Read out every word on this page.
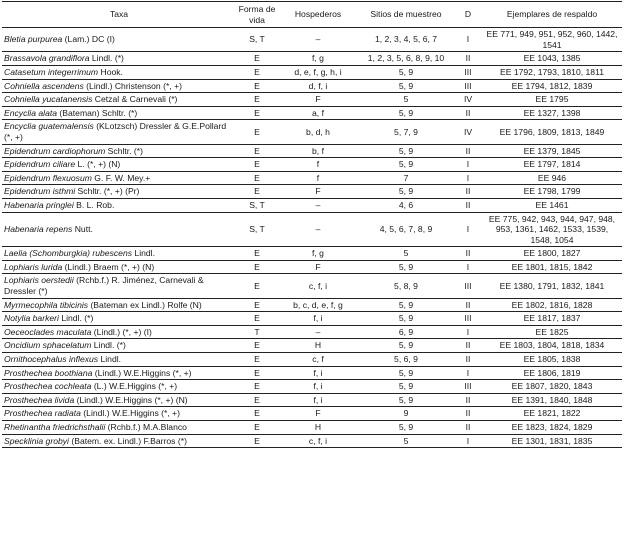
Taxa	Forma de vida	Hospederos	Sitios de muestreo	D	Ejemplares de respaldo
Bletia purpurea (Lam.) DC (I)	S, T	–	1, 2, 3, 4, 5, 6, 7	I	EE 771, 949, 951, 952, 960, 1442, 1541
Brassavola grandiflora Lindl. (*)	E	f, g	1, 2, 3, 5, 6, 8, 9, 10	II	EE 1043, 1385
Catasetum integerrimum Hook.	E	d, e, f, g, h, i	5, 9	III	EE 1792, 1793, 1810, 1811
Cohniella ascendens (Lindl.) Christenson (*, +)	E	d, f, i	5, 9	III	EE 1794, 1812, 1839
Cohniella yucatanensis Cetzal & Carnevali (*)	E	F	5	IV	EE 1795
Encyclia alata (Bateman) Schltr. (*)	E	a, f	5, 9	II	EE 1327, 1398
Encyclia guatemalensis (KLotzsch) Dressler & G.E.Pollard (*, +)	E	b, d, h	5, 7, 9	IV	EE 1796, 1809, 1813, 1849
Epidendrum cardiophorum Schltr. (*)	E	b, f	5, 9	II	EE 1379, 1845
Epidendrum ciliare L. (*, +) (N)	E	f	5, 9	I	EE 1797, 1814
Epidendrum flexuosum G. F. W. Mey.+	E	f	7	I	EE 946
Epidendrum isthmi Schltr. (*, +) (Pr)	E	F	5, 9	II	EE 1798, 1799
Habenaria pringlei B. L. Rob.	S, T	–	4, 6	II	EE 1461
Habenaria repens Nutt.	S, T	–	4, 5, 6, 7, 8, 9	I	EE 775, 942, 943, 944, 947, 948, 953, 1361, 1462, 1533, 1539, 1548, 1054
Laelia (Schomburgkia) rubescens Lindl.	E	f, g	5	II	EE 1800, 1827
Lophiaris lurida (Lindl.) Braem (*, +) (N)	E	F	5, 9	I	EE 1801, 1815, 1842
Lophiaris oerstedii (Rchb.f.) R. Jiménez, Carnevali & Dressler (*)	E	c, f, i	5, 8, 9	III	EE 1380, 1791, 1832, 1841
Myrmecophila tibicinis (Bateman ex Lindl.) Rolfe (N)	E	b, c, d, e, f, g	5, 9	II	EE 1802, 1816, 1828
Notylia barkeri Lindl. (*)	E	f, i	5, 9	III	EE 1817, 1837
Oeceoclades maculata (Lindl.) (*, +) (I)	T	–	6, 9	I	EE 1825
Oncidium sphacelatum Lindl. (*)	E	H	5, 9	II	EE 1803, 1804, 1818, 1834
Ornithocephalus inflexus Lindl.	E	c, f	5, 6, 9	II	EE 1805, 1838
Prosthechea boothiana (Lindl.) W.E.Higgins (*, +)	E	f, i	5, 9	I	EE 1806, 1819
Prosthechea cochleata (L.) W.E.Higgins (*, +)	E	f, i	5, 9	III	EE 1807, 1820, 1843
Prosthechea livida (Lindl.) W.E.Higgins (*, +) (N)	E	f, i	5, 9	II	EE 1391, 1840, 1848
Prosthechea radiata (Lindl.) W.E.Higgins (*, +)	E	F	9	II	EE 1821, 1822
Rhetinantha friedrichsthalii (Rchb.f.) M.A.Blanco	E	H	5, 9	II	EE 1823, 1824, 1829
Specklinia grobyi (Batem. ex. Lindl.) F.Barros (*)	E	c, f, i	5	I	EE 1301, 1831, 1835
